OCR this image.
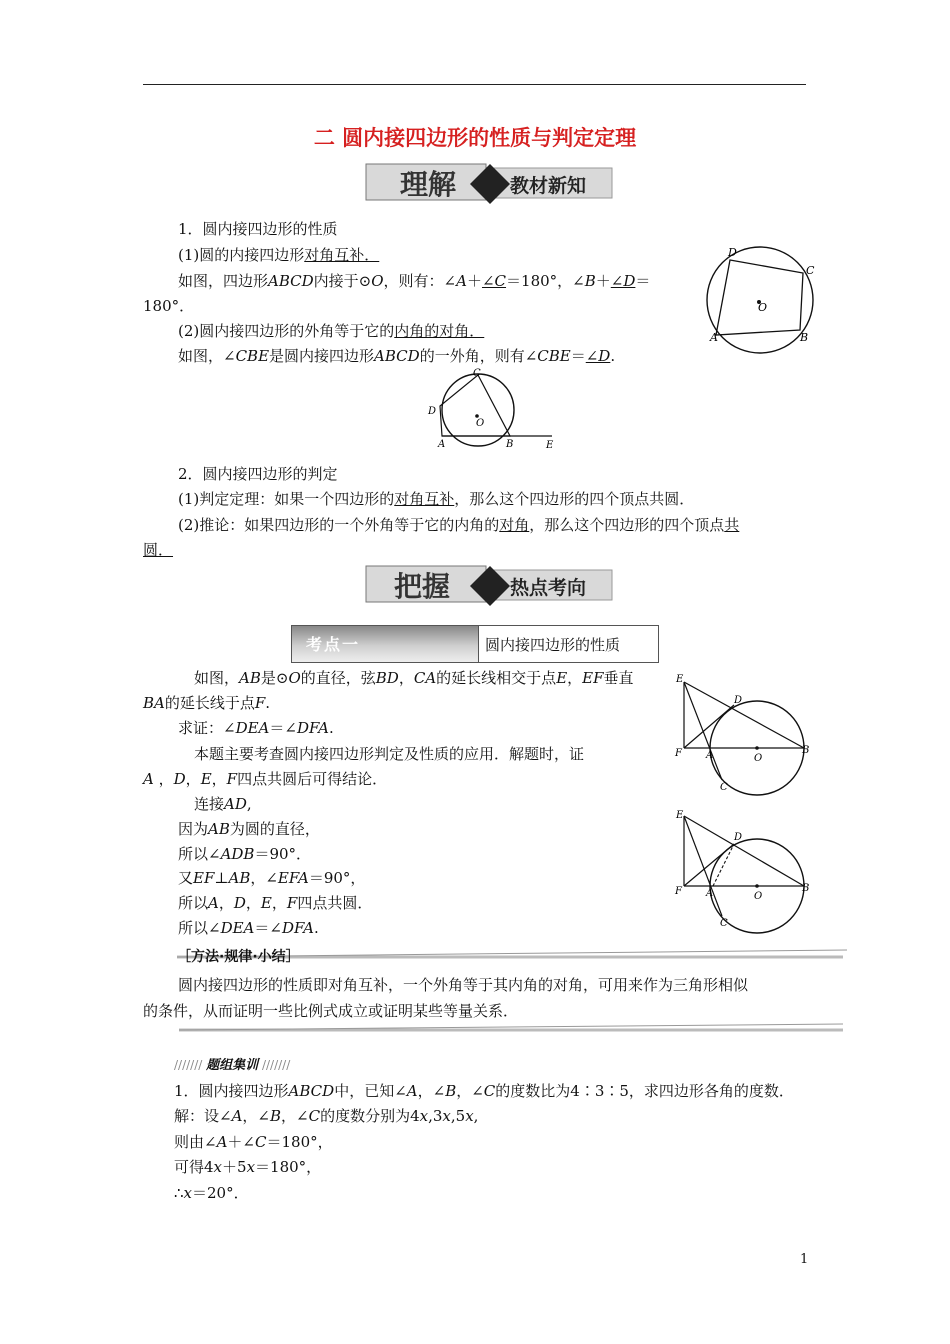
二 圆内接四边形的性质与判定定理
理解	教材新知
1．圆内接四边形的性质
(1)圆的内接四边形对角互补．
如图，四边形ABCD内接于⊙O，则有：∠A＋∠C＝180°，∠B＋∠D＝
180°．
(2)圆内接四边形的外角等于它的内角的对角．
如图，∠CBE是圆内接四边形ABCD的一外角，则有∠CBE＝∠D.
D
C
B
A
O
C
D
A	B	E
O
2．圆内接四边形的判定
(1)判定定理：如果一个四边形的对角互补，那么这个四边形的四个顶点共圆．
(2)推论：如果四边形的一个外角等于它的内角的对角，那么这个四边形的四个顶点共
圆．
把握	热点考向
考点一	圆内接四边形的性质
如图，AB是⊙O的直径，弦BD，CA的延长线相交于点E，EF垂直
BA的延长线于点F.
求证：∠DEA＝∠DFA.
本题主要考查圆内接四边形判定及性质的应用．解题时，证
A ，D，E，F四点共圆后可得结论．
连接AD,
因为AB为圆的直径，
所以∠ADB＝90°．
又EF⊥AB，∠EFA＝90°，
所以A，D，E，F四点共圆．
所以∠DEA＝∠DFA.
E
D
F A	O
B
C
E
D
F A	O
B
C
［方法·规律·小结］
圆内接四边形的性质即对角互补，一个外角等于其内角的对角，可用来作为三角形相似
的条件，从而证明一些比例式成立或证明某些等量关系．
/////// 题组集训 ///////
1．圆内接四边形ABCD中，已知∠A，∠B，∠C的度数比为4∶3∶5，求四边形各角的度数．
解：设∠A，∠B，∠C的度数分别为4x,3x,5x,
则由∠A＋∠C＝180°，
可得4x＋5x＝180°，
∴x＝20°．
1
